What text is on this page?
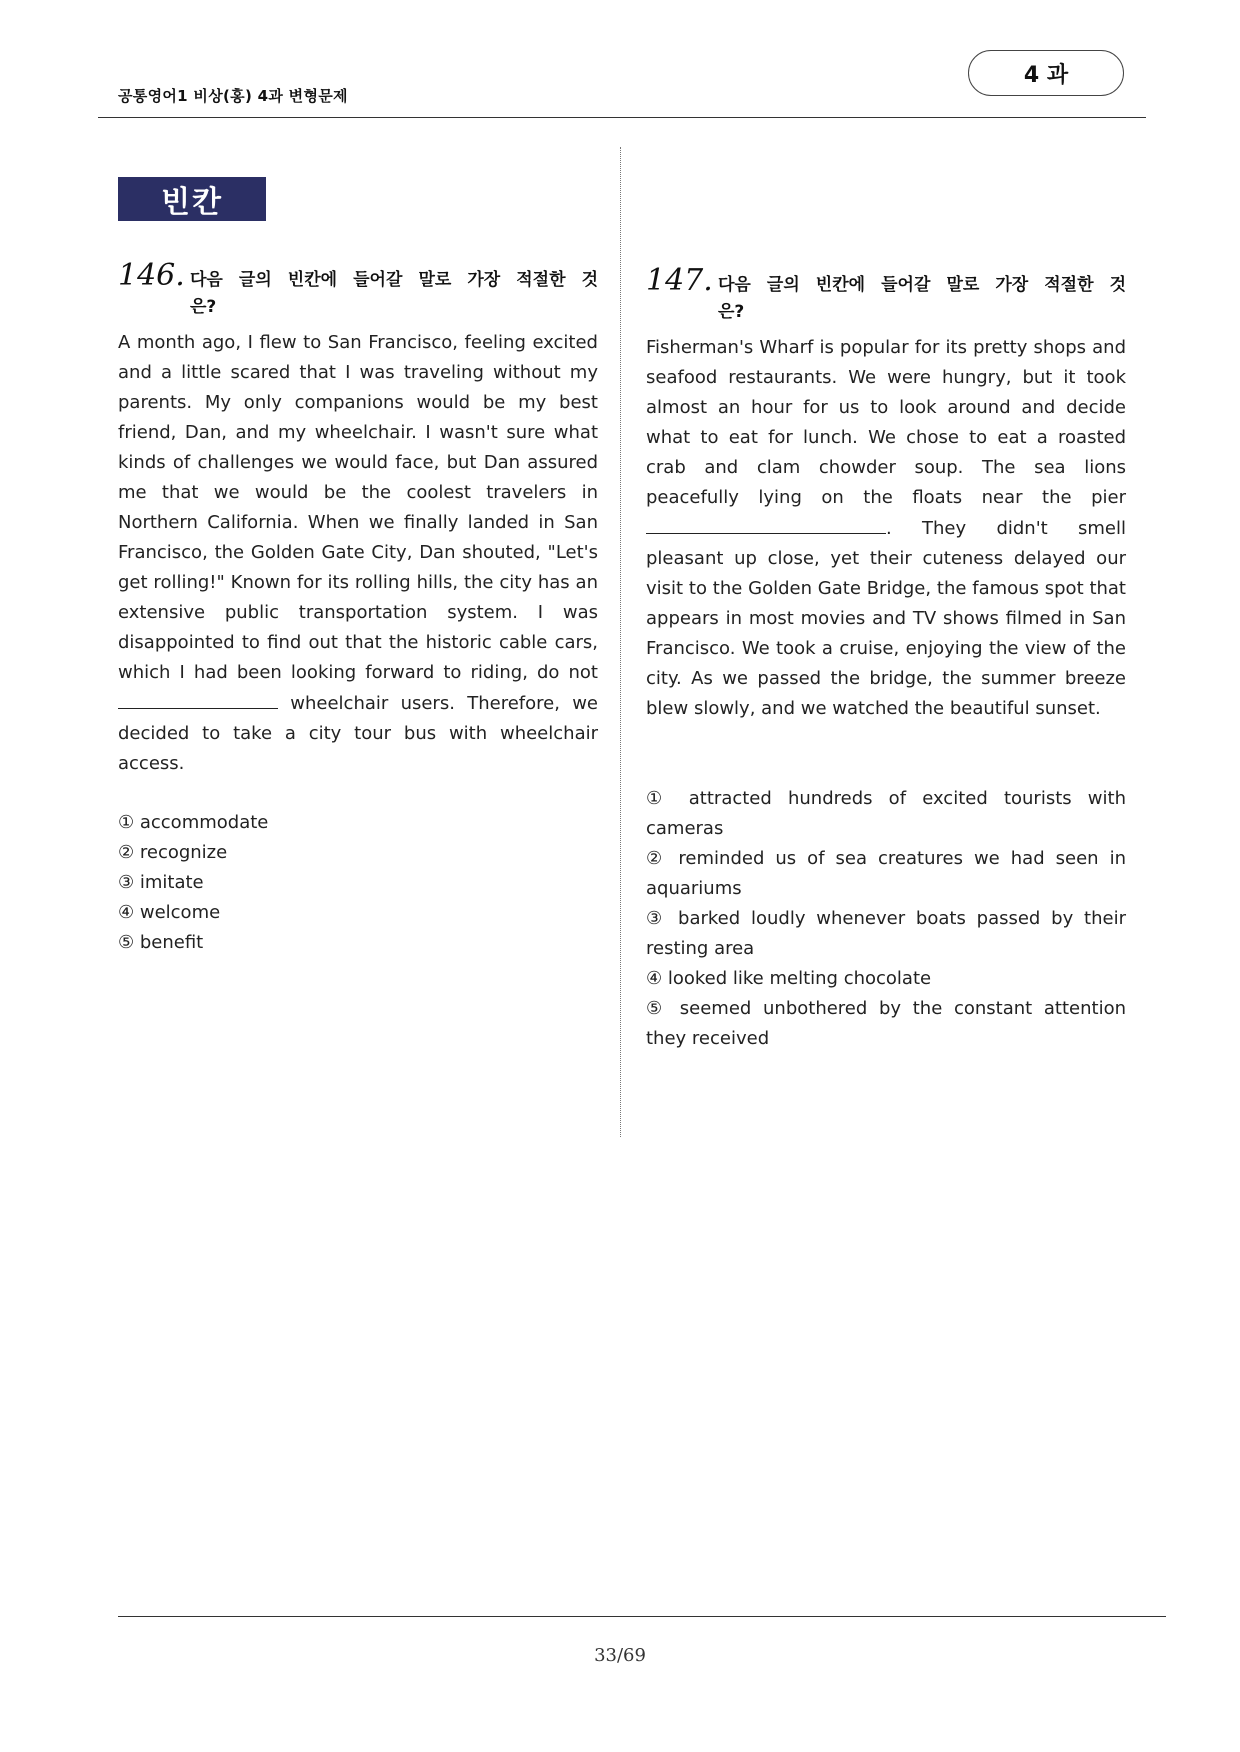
공통영어1 비상(홍) 4과 변형문제
4 과
빈칸
146. 다음 글의 빈칸에 들어갈 말로 가장 적절한 것
은?
A month ago, I flew to San Francisco, feeling excited and a little scared that I was traveling without my parents. My only companions would be my best friend, Dan, and my wheelchair. I wasn't sure what kinds of challenges we would face, but Dan assured me that we would be the coolest travelers in Northern California. When we finally landed in San Francisco, the Golden Gate City, Dan shouted, "Let's get rolling!" Known for its rolling hills, the city has an extensive public transportation system. I was disappointed to find out that the historic cable cars, which I had been looking forward to riding, do not  wheelchair users. Therefore, we decided to take a city tour bus with wheelchair access.
① accommodate
② recognize
③ imitate
④ welcome
⑤ benefit
147. 다음 글의 빈칸에 들어갈 말로 가장 적절한 것
은?
Fisherman's Wharf is popular for its pretty shops and seafood restaurants. We were hungry, but it took almost an hour for us to look around and decide what to eat for lunch. We chose to eat a roasted crab and clam chowder soup. The sea lions peacefully lying on the floats near the pier . They didn't smell pleasant up close, yet their cuteness delayed our visit to the Golden Gate Bridge, the famous spot that appears in most movies and TV shows filmed in San Francisco. We took a cruise, enjoying the view of the city. As we passed the bridge, the summer breeze blew slowly, and we watched the beautiful sunset.
① attracted hundreds of excited tourists with cameras
② reminded us of sea creatures we had seen in aquariums
③ barked loudly whenever boats passed by their resting area
④ looked like melting chocolate
⑤ seemed unbothered by the constant attention they received
33/69
